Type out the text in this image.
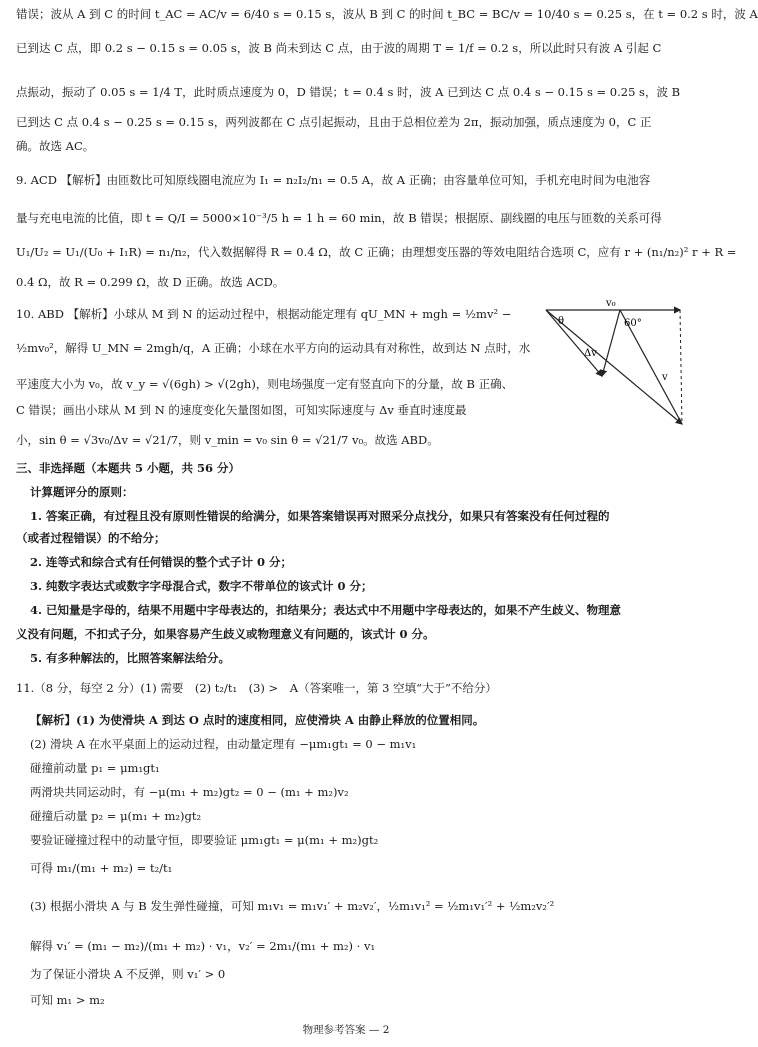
错误；波从 A 到 C 的时间 t_AC = AC/v = 6/40 s = 0.15 s，波从 B 到 C 的时间 t_BC = BC/v = 10/40 s = 0.25 s，在 t = 0.2 s 时，波 A
已到达 C 点，即 0.2 s − 0.15 s = 0.05 s，波 B 尚未到达 C 点，由于波的周期 T = 1/f = 0.2 s，所以此时只有波 A 引起 C
点振动，振动了 0.05 s = 1/4 T，此时质点速度为 0，D 错误；t = 0.4 s 时，波 A 已到达 C 点 0.4 s − 0.15 s = 0.25 s，波 B
已到达 C 点 0.4 s − 0.25 s = 0.15 s，两列波都在 C 点引起振动，且由于总相位差为 2π，振动加强，质点速度为 0，C 正
确。故选 AC。
9. ACD 【解析】由匝数比可知原线圈电流应为 I₁ = n₂I₂/n₁ = 0.5 A，故 A 正确；由容量单位可知，手机充电时间为电池容
量与充电电流的比值，即 t = Q/I = 5000×10⁻³/5 h = 1 h = 60 min，故 B 错误；根据原、副线圈的电压与匝数的关系可得
U₁/U₂ = U₁/(U₀ + I₁R) = n₁/n₂，代入数据解得 R = 0.4 Ω，故 C 正确；由理想变压器的等效电阻结合选项 C，应有 r + (n₁/n₂)² r + R =
0.4 Ω，故 R = 0.299 Ω，故 D 正确。故选 ACD。
10. ABD 【解析】小球从 M 到 N 的运动过程中，根据动能定理有 qU_MN + mgh = ½mv² −
½mv₀²，解得 U_MN = 2mgh/q，A 正确；小球在水平方向的运动具有对称性，故到达 N 点时，水
平速度大小为 v₀，故 v_y = √(6gh) > √(2gh)，则电场强度一定有竖直向下的分量，故 B 正确、
C 错误；画出小球从 M 到 N 的速度变化矢量图如图，可知实际速度与 Δv 垂直时速度最
小，sin θ = √3v₀/Δv = √21/7，则 v_min = v₀ sin θ = √21/7 v₀。故选 ABD。
三、非选择题（本题共 5 小题，共 56 分）
计算题评分的原则：
1. 答案正确，有过程且没有原则性错误的给满分，如果答案错误再对照采分点找分，如果只有答案没有任何过程的
（或者过程错误）的不给分；
2. 连等式和综合式有任何错误的整个式子计 0 分；
3. 纯数字表达式或数字字母混合式，数字不带单位的该式计 0 分；
4. 已知量是字母的，结果不用题中字母表达的，扣结果分；表达式中不用题中字母表达的，如果不产生歧义、物理意
义没有问题，不扣式子分，如果容易产生歧义或物理意义有问题的，该式计 0 分。
5. 有多种解法的，比照答案解法给分。
11.（8 分，每空 2 分）(1) 需要　(2) t₂/t₁　(3) >　A（答案唯一，第 3 空填“大于”不给分）
【解析】(1) 为使滑块 A 到达 O 点时的速度相同，应使滑块 A 由静止释放的位置相同。
(2) 滑块 A 在水平桌面上的运动过程，由动量定理有 −μm₁gt₁ = 0 − m₁v₁
碰撞前动量 p₁ = μm₁gt₁
两滑块共同运动时，有 −μ(m₁ + m₂)gt₂ = 0 − (m₁ + m₂)v₂
碰撞后动量 p₂ = μ(m₁ + m₂)gt₂
要验证碰撞过程中的动量守恒，即要验证 μm₁gt₁ = μ(m₁ + m₂)gt₂
可得 m₁/(m₁ + m₂) = t₂/t₁
(3) 根据小滑块 A 与 B 发生弹性碰撞，可知 m₁v₁ = m₁v₁′ + m₂v₂′，½m₁v₁² = ½m₁v₁′² + ½m₂v₂′²
解得 v₁′ = (m₁ − m₂)/(m₁ + m₂) · v₁，v₂′ = 2m₁/(m₁ + m₂) · v₁
为了保证小滑块 A 不反弹，则 v₁′ > 0
可知 m₁ > m₂
v₀
θ	60°
Δv
v
物理参考答案 — 2
